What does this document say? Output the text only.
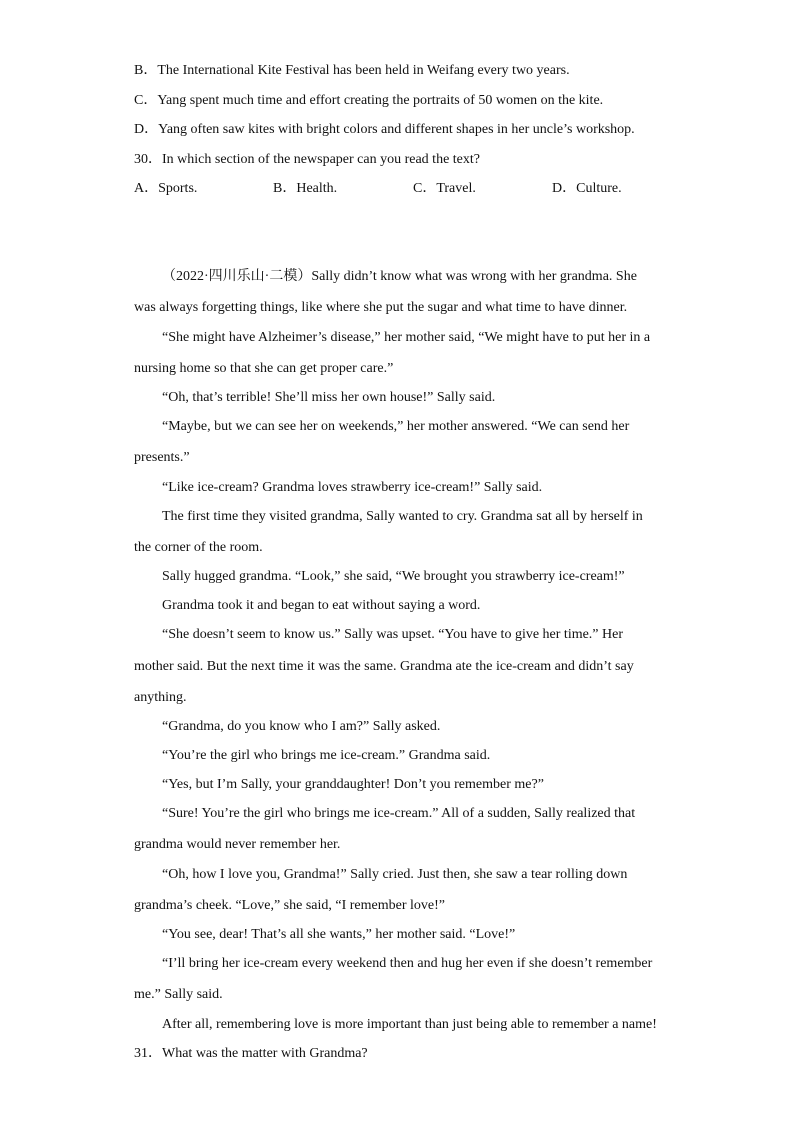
B．The International Kite Festival has been held in Weifang every two years.
C．Yang spent much time and effort creating the portraits of 50 women on the kite.
D．Yang often saw kites with bright colors and different shapes in her uncle’s workshop.
30．In which section of the newspaper can you read the text?
A．Sports.	B．Health.	C．Travel.	D．Culture.
（2022·四川乐山·二模）Sally didn’t know what was wrong with her grandma. She
was always forgetting things, like where she put the sugar and what time to have dinner.
“She might have Alzheimer’s disease,” her mother said, “We might have to put her in a
nursing home so that she can get proper care.”
“Oh, that’s terrible! She’ll miss her own house!” Sally said.
“Maybe, but we can see her on weekends,” her mother answered. “We can send her
presents.”
“Like ice-cream? Grandma loves strawberry ice-cream!” Sally said.
The first time they visited grandma, Sally wanted to cry. Grandma sat all by herself in
the corner of the room.
Sally hugged grandma. “Look,” she said, “We brought you strawberry ice-cream!”
Grandma took it and began to eat without saying a word.
“She doesn’t seem to know us.” Sally was upset. “You have to give her time.” Her
mother said. But the next time it was the same. Grandma ate the ice-cream and didn’t say
anything.
“Grandma, do you know who I am?” Sally asked.
“You’re the girl who brings me ice-cream.” Grandma said.
“Yes, but I’m Sally, your granddaughter! Don’t you remember me?”
“Sure! You’re the girl who brings me ice-cream.” All of a sudden, Sally realized that
grandma would never remember her.
“Oh, how I love you, Grandma!” Sally cried. Just then, she saw a tear rolling down
grandma’s cheek. “Love,” she said, “I remember love!”
“You see, dear! That’s all she wants,” her mother said. “Love!”
“I’ll bring her ice-cream every weekend then and hug her even if she doesn’t remember
me.” Sally said.
After all, remembering love is more important than just being able to remember a name!
31．What was the matter with Grandma?
